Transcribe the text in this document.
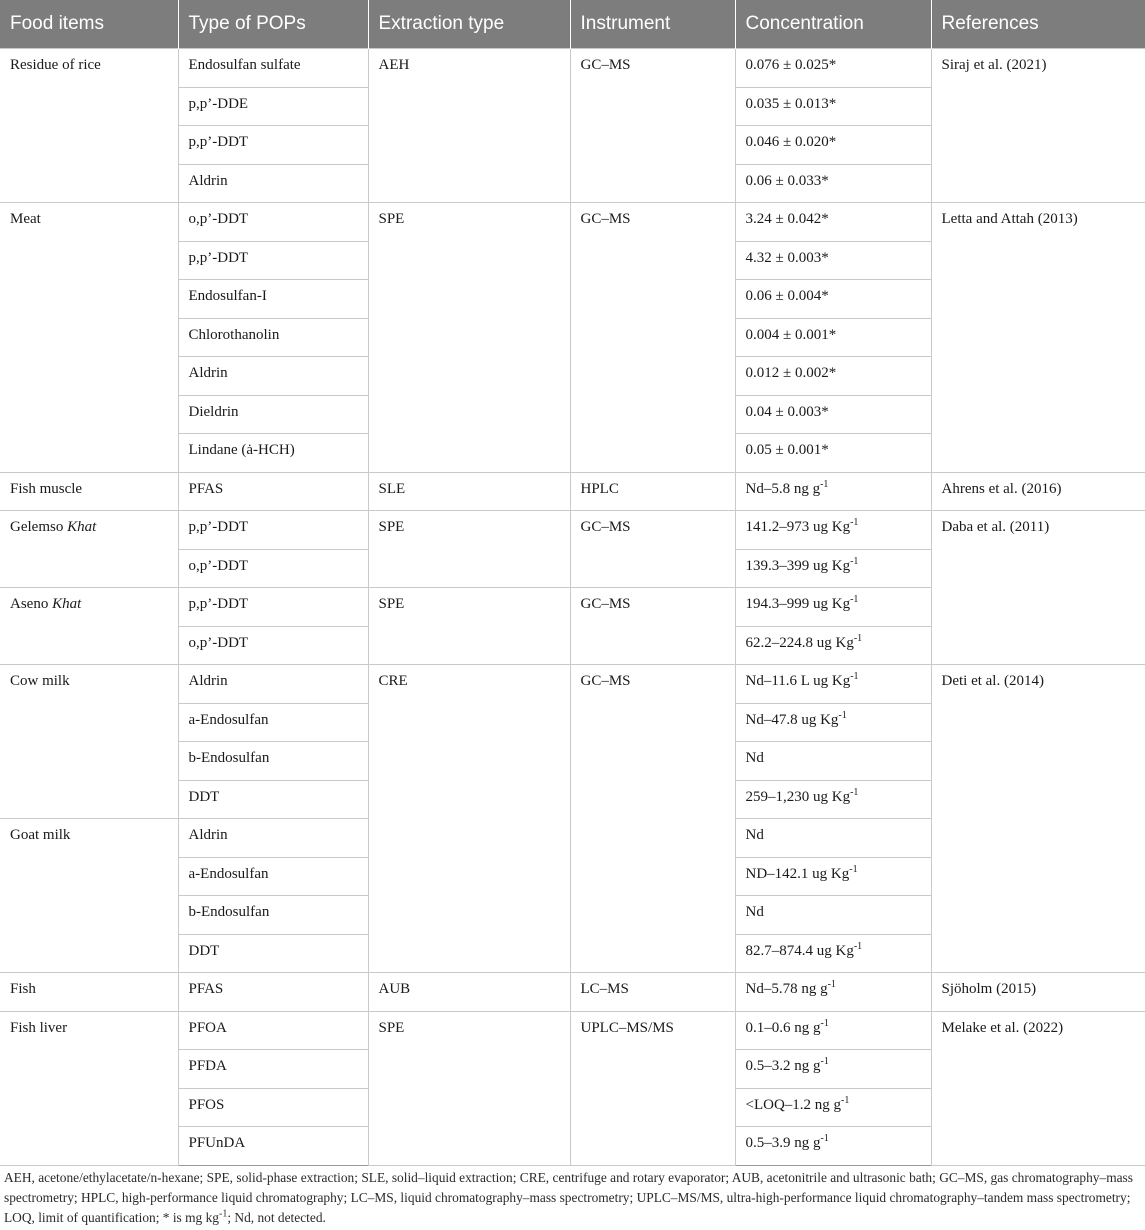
Food items	Type of POPs	Extraction type	Instrument	Concentration	References
Residue of rice	Endosulfan sulfate	AEH	GC–MS	0.076 ± 0.025*	Siraj et al. (2021)
	p,p’-DDE			0.035 ± 0.013*	
	p,p’-DDT			0.046 ± 0.020*	
	Aldrin			0.06 ± 0.033*	
Meat	o,p’-DDT	SPE	GC–MS	3.24 ± 0.042*	Letta and Attah (2013)
	p,p’-DDT			4.32 ± 0.003*	
	Endosulfan-I			0.06 ± 0.004*	
	Chlorothanolin			0.004 ± 0.001*	
	Aldrin			0.012 ± 0.002*	
	Dieldrin			0.04 ± 0.003*	
	Lindane (ȧ-HCH)			0.05 ± 0.001*	
Fish muscle	PFAS	SLE	HPLC	Nd–5.8 ng $g^{-1}$	Ahrens et al. (2016)
Gelemso Khat	p,p’-DDT	SPE	GC–MS	141.2–973 ug $Kg^{-1}$	Daba et al. (2011)
	o,p’-DDT			139.3–399 ug $Kg^{-1}$
Aseno Khat	p,p’-DDT	SPE	GC–MS	194.3–999 ug $Kg^{-1}$
	o,p’-DDT			62.2–224.8 ug $Kg^{-1}$
Cow milk	Aldrin	CRE	GC–MS	Nd–11.6 L ug $Kg^{-1}$	Deti et al. (2014)
	a-Endosulfan			Nd–47.8 ug $Kg^{-1}$
	b-Endosulfan			Nd	
	DDT			259–1,230 ug $Kg^{-1}$
Goat milk	Aldrin			Nd	
	a-Endosulfan			ND–142.1 ug $Kg^{-1}$
	b-Endosulfan			Nd	
	DDT			82.7–874.4 ug $Kg^{-1}$
Fish	PFAS	AUB	LC–MS	Nd–5.78 ng $g^{-1}$	Sjöholm (2015)
Fish liver	PFOA	SPE	UPLC–MS/MS	0.1–0.6 ng $g^{-1}$	Melake et al. (2022)
	PFDA			0.5–3.2 ng $g^{-1}$
	PFOS			<LOQ–1.2 ng $g^{-1}$
	PFUnDA			0.5–3.9 ng $g^{-1}$
AEH, acetone/ethylacetate/n-hexane; SPE, solid-phase extraction; SLE, solid–liquid extraction; CRE, centrifuge and rotary evaporator; AUB, acetonitrile and ultrasonic bath; GC–MS, gas chromatography–mass spectrometry; HPLC, high-performance liquid chromatography; LC–MS, liquid chromatography–mass spectrometry; UPLC–MS/MS, ultra-high-performance liquid chromatography–tandem mass spectrometry; LOQ, limit of quantification; * is mg $kg^{-1}$; Nd, not detected.
